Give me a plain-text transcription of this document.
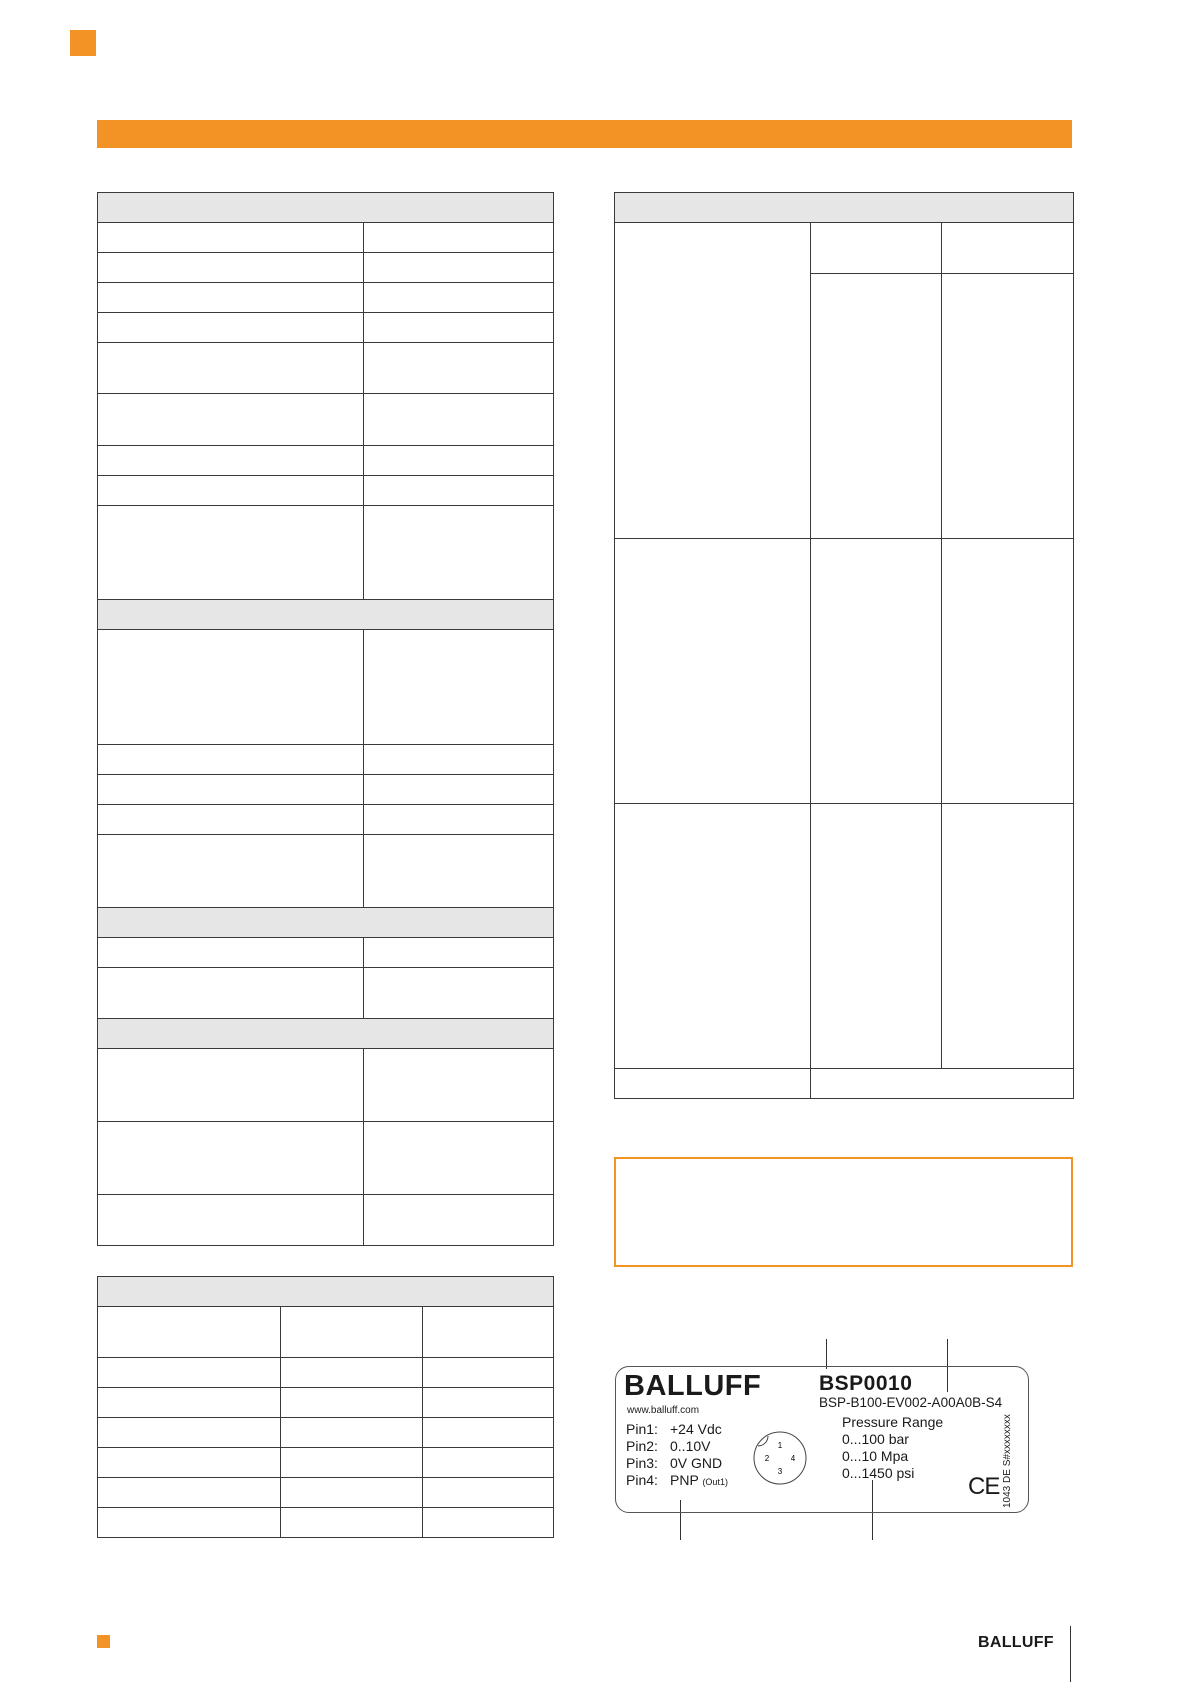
BALLUFF
www.balluff.com
BSP0010
BSP-B100-EV002-A00A0B-S4
Pin1: +24 Vdc
Pin2: 0..10V
Pin3: 0V GND
Pin4: PNP (Out1)
1
2	4
3
Pressure Range
0...100 bar
0...10 Mpa
0...1450 psi	1043 DE S#xxxxxxxx
CE
BALLUFF
